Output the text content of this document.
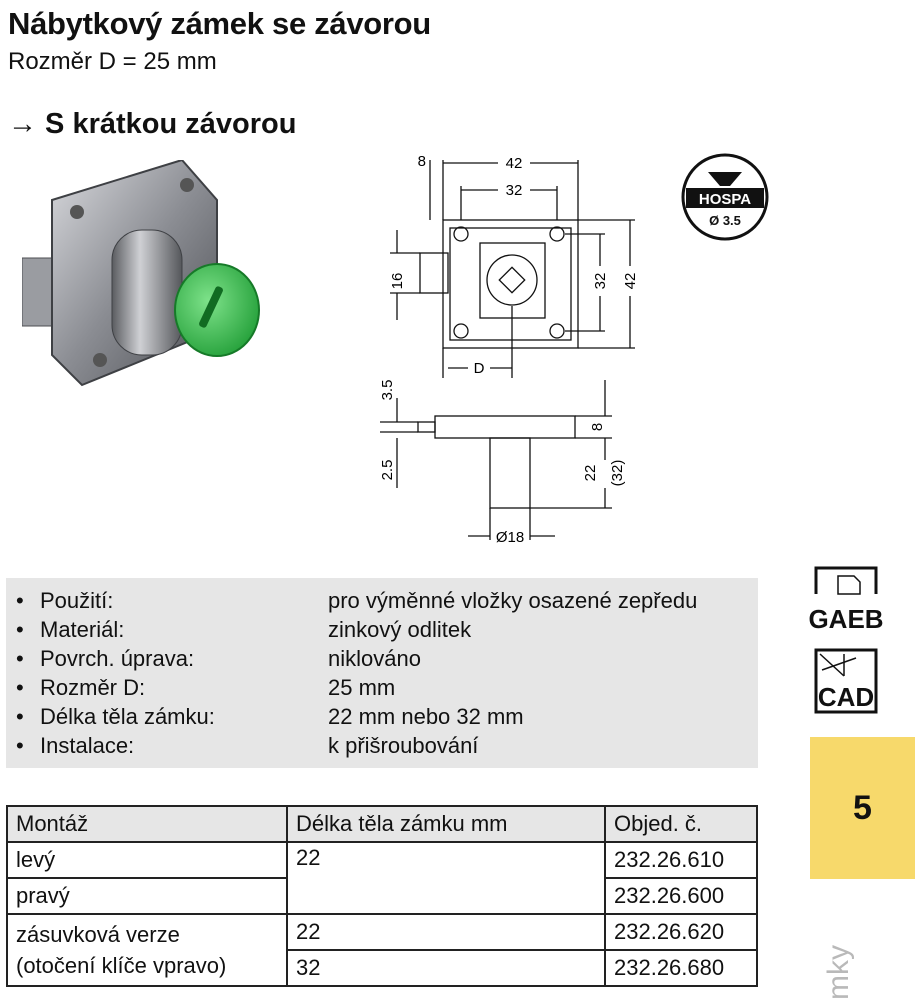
Nábytkový zámek se závorou
Rozměr D = 25 mm
→ S krátkou závorou
8	42
32
16	32 42
D
3.5
2.5
8
22 (32)
Ø18
HOSPA
Ø 3.5
• Použití:	pro výměnné vložky osazené zepředu
• Materiál:	zinkový odlitek
• Povrch. úprava:	niklováno
• Rozměr D:	25 mm
• Délka těla zámku:	22 mm nebo 32 mm
• Instalace:	k přišroubování
Montáž	Délka těla zámku mm	Objed. č.
levý	22	232.26.610
pravý		232.26.600
zásuvková verze
(otočení klíče vpravo)	22	232.26.620
	32	232.26.680
GAEB
CAD
5
mky
